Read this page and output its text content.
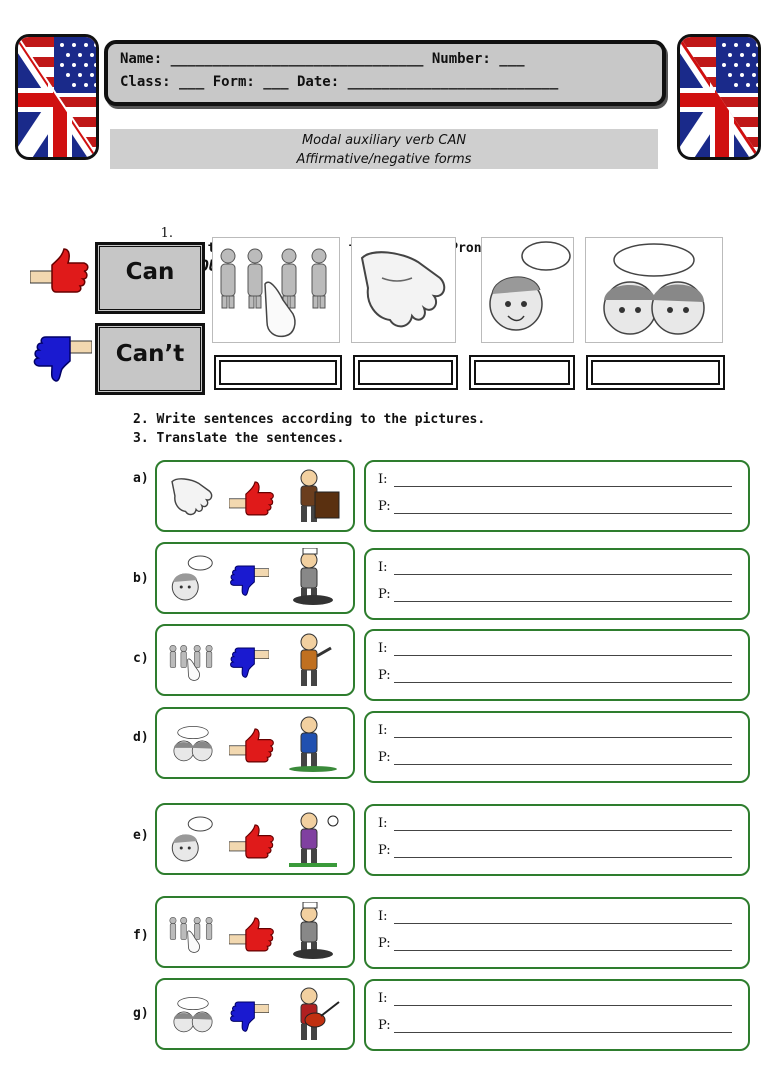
Name: ______________________________ Number: ___
Class: ___ Form: ___ Date: _________________________
Modal auxiliary verb CAN
Affirmative/negative forms

1.

YOU,

Can
Can’t
2. Write sentences according to the pictures.
3. Translate the sentences.
a)	I:
P:
b)
I:
P:
c)
I:
P:
d)	I:
P:
e)
I:
P:
f)
I:
P:
g)
I:
P:
